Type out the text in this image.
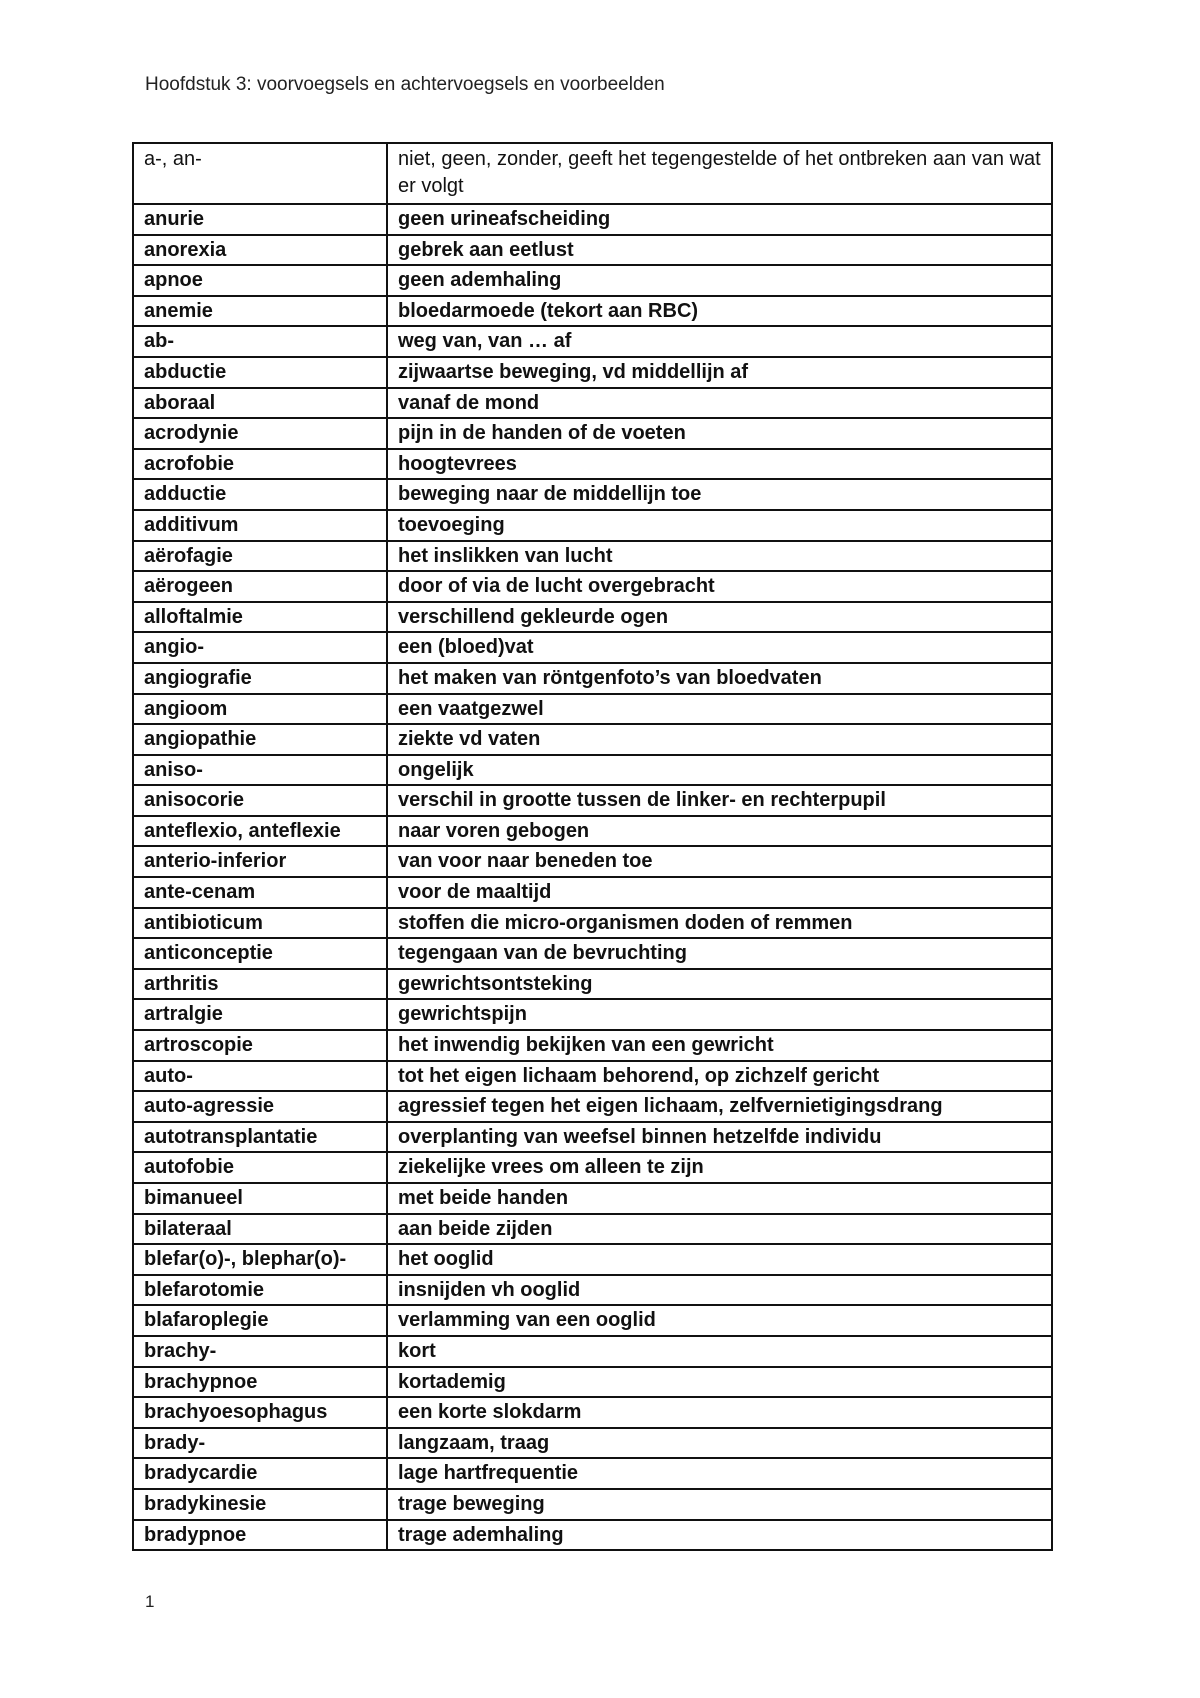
Hoofdstuk 3: voorvoegsels en achtervoegsels en voorbeelden
a-, an-	niet, geen, zonder, geeft het tegengestelde of het ontbreken aan van wat er volgt
anurie	geen urineafscheiding
anorexia	gebrek aan eetlust
apnoe	geen ademhaling
anemie	bloedarmoede (tekort aan RBC)
ab-	weg van, van … af
abductie	zijwaartse beweging, vd middellijn af
aboraal	vanaf de mond
acrodynie	pijn in de handen of de voeten
acrofobie	hoogtevrees
adductie	beweging naar de middellijn toe
additivum	toevoeging
aërofagie	het inslikken van lucht
aërogeen	door of via de lucht overgebracht
alloftalmie	verschillend gekleurde ogen
angio-	een (bloed)vat
angiografie	het maken van röntgenfoto’s van bloedvaten
angioom	een vaatgezwel
angiopathie	ziekte vd vaten
aniso-	ongelijk
anisocorie	verschil in grootte tussen de linker- en rechterpupil
anteflexio, anteflexie	naar voren gebogen
anterio-inferior	van voor naar beneden toe
ante-cenam	voor de maaltijd
antibioticum	stoffen die micro-organismen doden of remmen
anticonceptie	tegengaan van de bevruchting
arthritis	gewrichtsontsteking
artralgie	gewrichtspijn
artroscopie	het inwendig bekijken van een gewricht
auto-	tot het eigen lichaam behorend, op zichzelf gericht
auto-agressie	agressief tegen het eigen lichaam, zelfvernietigingsdrang
autotransplantatie	overplanting van weefsel binnen hetzelfde individu
autofobie	ziekelijke vrees om alleen te zijn
bimanueel	met beide handen
bilateraal	aan beide zijden
blefar(o)-, blephar(o)-	het ooglid
blefarotomie	insnijden vh ooglid
blafaroplegie	verlamming van een ooglid
brachy-	kort
brachypnoe	kortademig
brachyoesophagus	een korte slokdarm
brady-	langzaam, traag
bradycardie	lage hartfrequentie
bradykinesie	trage beweging
bradypnoe	trage ademhaling
1
